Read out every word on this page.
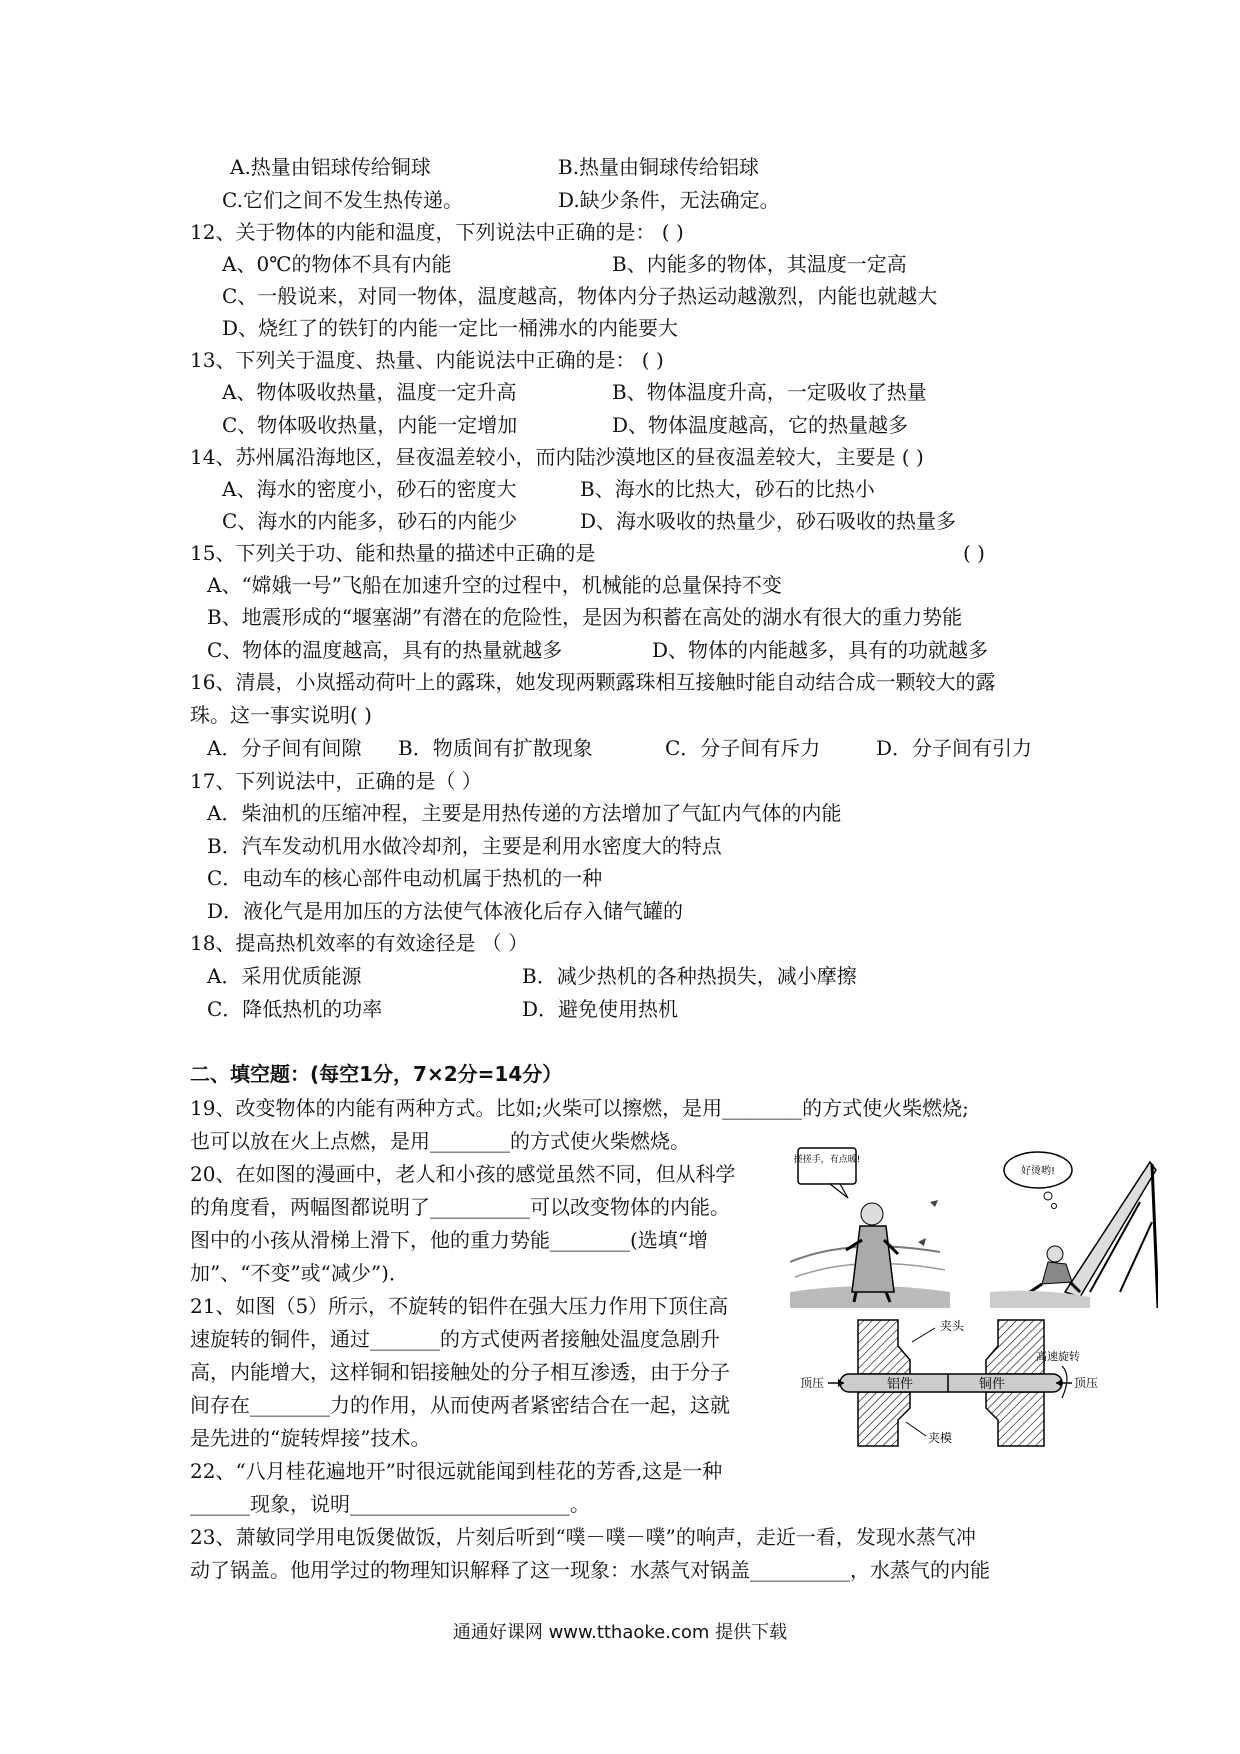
A.热量由铝球传给铜球	B.热量由铜球传给铝球
C.它们之间不发生热传递。	D.缺少条件，无法确定。
12、关于物体的内能和温度，下列说法中正确的是： ( )
A、0℃的物体不具有内能	B、内能多的物体，其温度一定高
C、一般说来，对同一物体，温度越高，物体内分子热运动越激烈，内能也就越大
D、烧红了的铁钉的内能一定比一桶沸水的内能要大
13、下列关于温度、热量、内能说法中正确的是： ( )
A、物体吸收热量，温度一定升高	B、物体温度升高，一定吸收了热量
C、物体吸收热量，内能一定增加	D、物体温度越高，它的热量越多
14、苏州属沿海地区，昼夜温差较小，而内陆沙漠地区的昼夜温差较大，主要是 ( )
A、海水的密度小，砂石的密度大	B、海水的比热大，砂石的比热小
C、海水的内能多，砂石的内能少	D、海水吸收的热量少，砂石吸收的热量多
15、下列关于功、能和热量的描述中正确的是	( )
A、“嫦娥一号”飞船在加速升空的过程中，机械能的总量保持不变
B、地震形成的“堰塞湖”有潜在的危险性，是因为积蓄在高处的湖水有很大的重力势能
C、物体的温度越高，具有的热量就越多	D、物体的内能越多，具有的功就越多
16、清晨，小岚摇动荷叶上的露珠，她发现两颗露珠相互接触时能自动结合成一颗较大的露
珠。这一事实说明( )
A．分子间有间隙 B．物质间有扩散现象	C．分子间有斥力	D．分子间有引力
17、下列说法中，正确的是（ ）
A．柴油机的压缩冲程，主要是用热传递的方法增加了气缸内气体的内能
B．汽车发动机用水做冷却剂，主要是利用水密度大的特点
C．电动车的核心部件电动机属于热机的一种
D．液化气是用加压的方法使气体液化后存入储气罐的
18、提高热机效率的有效途径是 （ ）
A．采用优质能源	B．减少热机的各种热损失，减小摩擦
C．降低热机的功率	D．避免使用热机
二、填空题：(每空1分，7×2分=14分）
19、改变物体的内能有两种方式。比如;火柴可以擦燃，是用________的方式使火柴燃烧;
也可以放在火上点燃，是用________的方式使火柴燃烧。
20、在如图的漫画中，老人和小孩的感觉虽然不同，但从科学
的角度看，两幅图都说明了__________可以改变物体的内能。
图中的小孩从滑梯上滑下，他的重力势能________(选填“增
加”、“不变”或“减少”)．
21、如图（5）所示，不旋转的铝件在强大压力作用下顶住高
速旋转的铜件，通过_______的方式使两者接触处温度急剧升
高，内能增大，这样铜和铝接触处的分子相互渗透，由于分子
间存在________力的作用，从而使两者紧密结合在一起，这就
是先进的“旋转焊接”技术。
22、“八月桂花遍地开”时很远就能闻到桂花的芳香,这是一种
______现象，说明______________________。
23、萧敏同学用电饭煲做饭，片刻后听到“噗－噗－噗”的响声，走近一看，发现水蒸气冲
动了锅盖。他用学过的物理知识解释了这一现象：水蒸气对锅盖__________，水蒸气的内能
搓搓手，有点暖!
好烫哟!
铝件	铜件
夹头
高速旋转
顶压	顶压
夹模
通通好课网 www.tthaoke.com 提供下载
